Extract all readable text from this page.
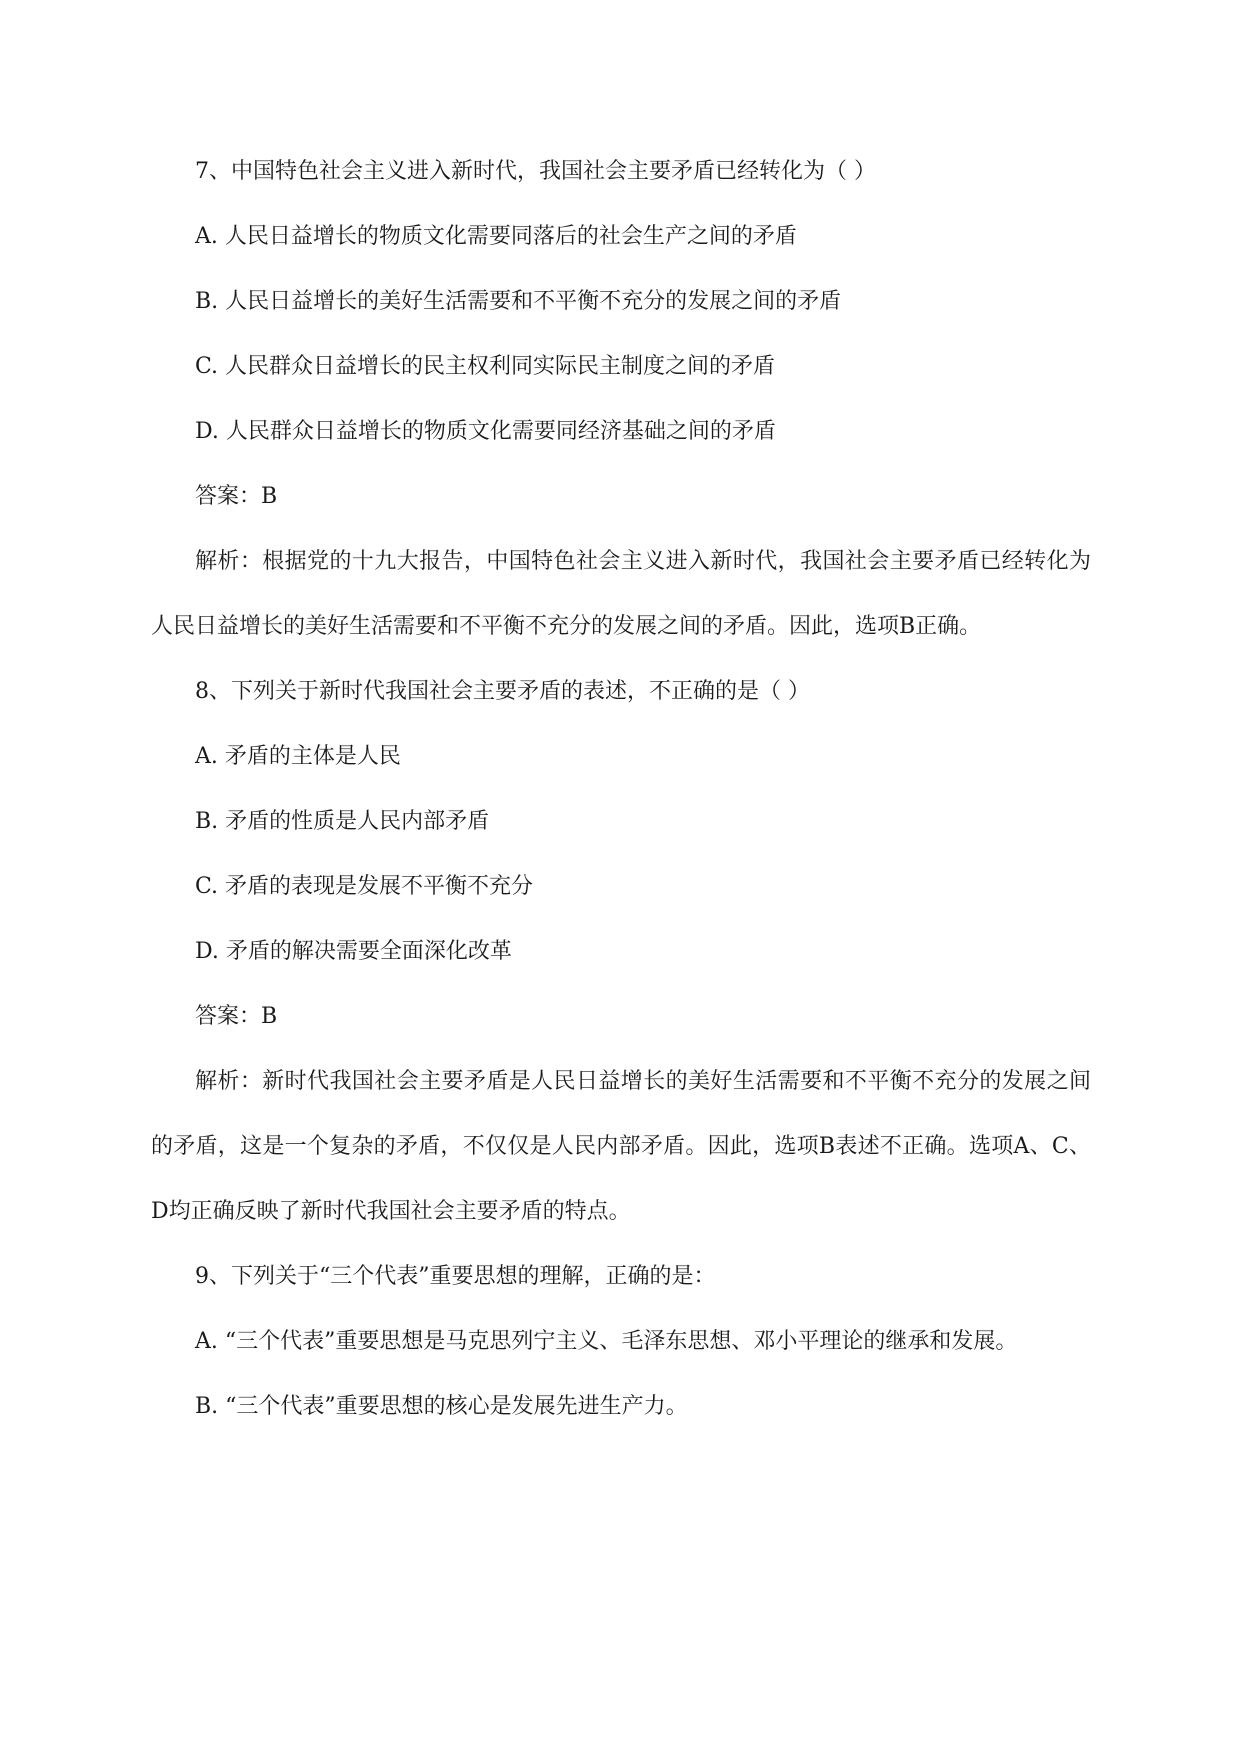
7、中国特色社会主义进入新时代，我国社会主要矛盾已经转化为（ ）

A. 人民日益增长的物质文化需要同落后的社会生产之间的矛盾

B. 人民日益增长的美好生活需要和不平衡不充分的发展之间的矛盾

C. 人民群众日益增长的民主权利同实际民主制度之间的矛盾

D. 人民群众日益增长的物质文化需要同经济基础之间的矛盾

答案：B

解析：根据党的十九大报告，中国特色社会主义进入新时代，我国社会主要矛盾已经转化为人民日益增长的美好生活需要和不平衡不充分的发展之间的矛盾。因此，选项B正确。

8、下列关于新时代我国社会主要矛盾的表述，不正确的是（ ）

A. 矛盾的主体是人民

B. 矛盾的性质是人民内部矛盾

C. 矛盾的表现是发展不平衡不充分

D. 矛盾的解决需要全面深化改革

答案：B

解析：新时代我国社会主要矛盾是人民日益增长的美好生活需要和不平衡不充分的发展之间的矛盾，这是一个复杂的矛盾，不仅仅是人民内部矛盾。因此，选项B表述不正确。选项A、C、D均正确反映了新时代我国社会主要矛盾的特点。

9、下列关于“三个代表”重要思想的理解，正确的是：

A. “三个代表”重要思想是马克思列宁主义、毛泽东思想、邓小平理论的继承和发展。

B. “三个代表”重要思想的核心是发展先进生产力。
